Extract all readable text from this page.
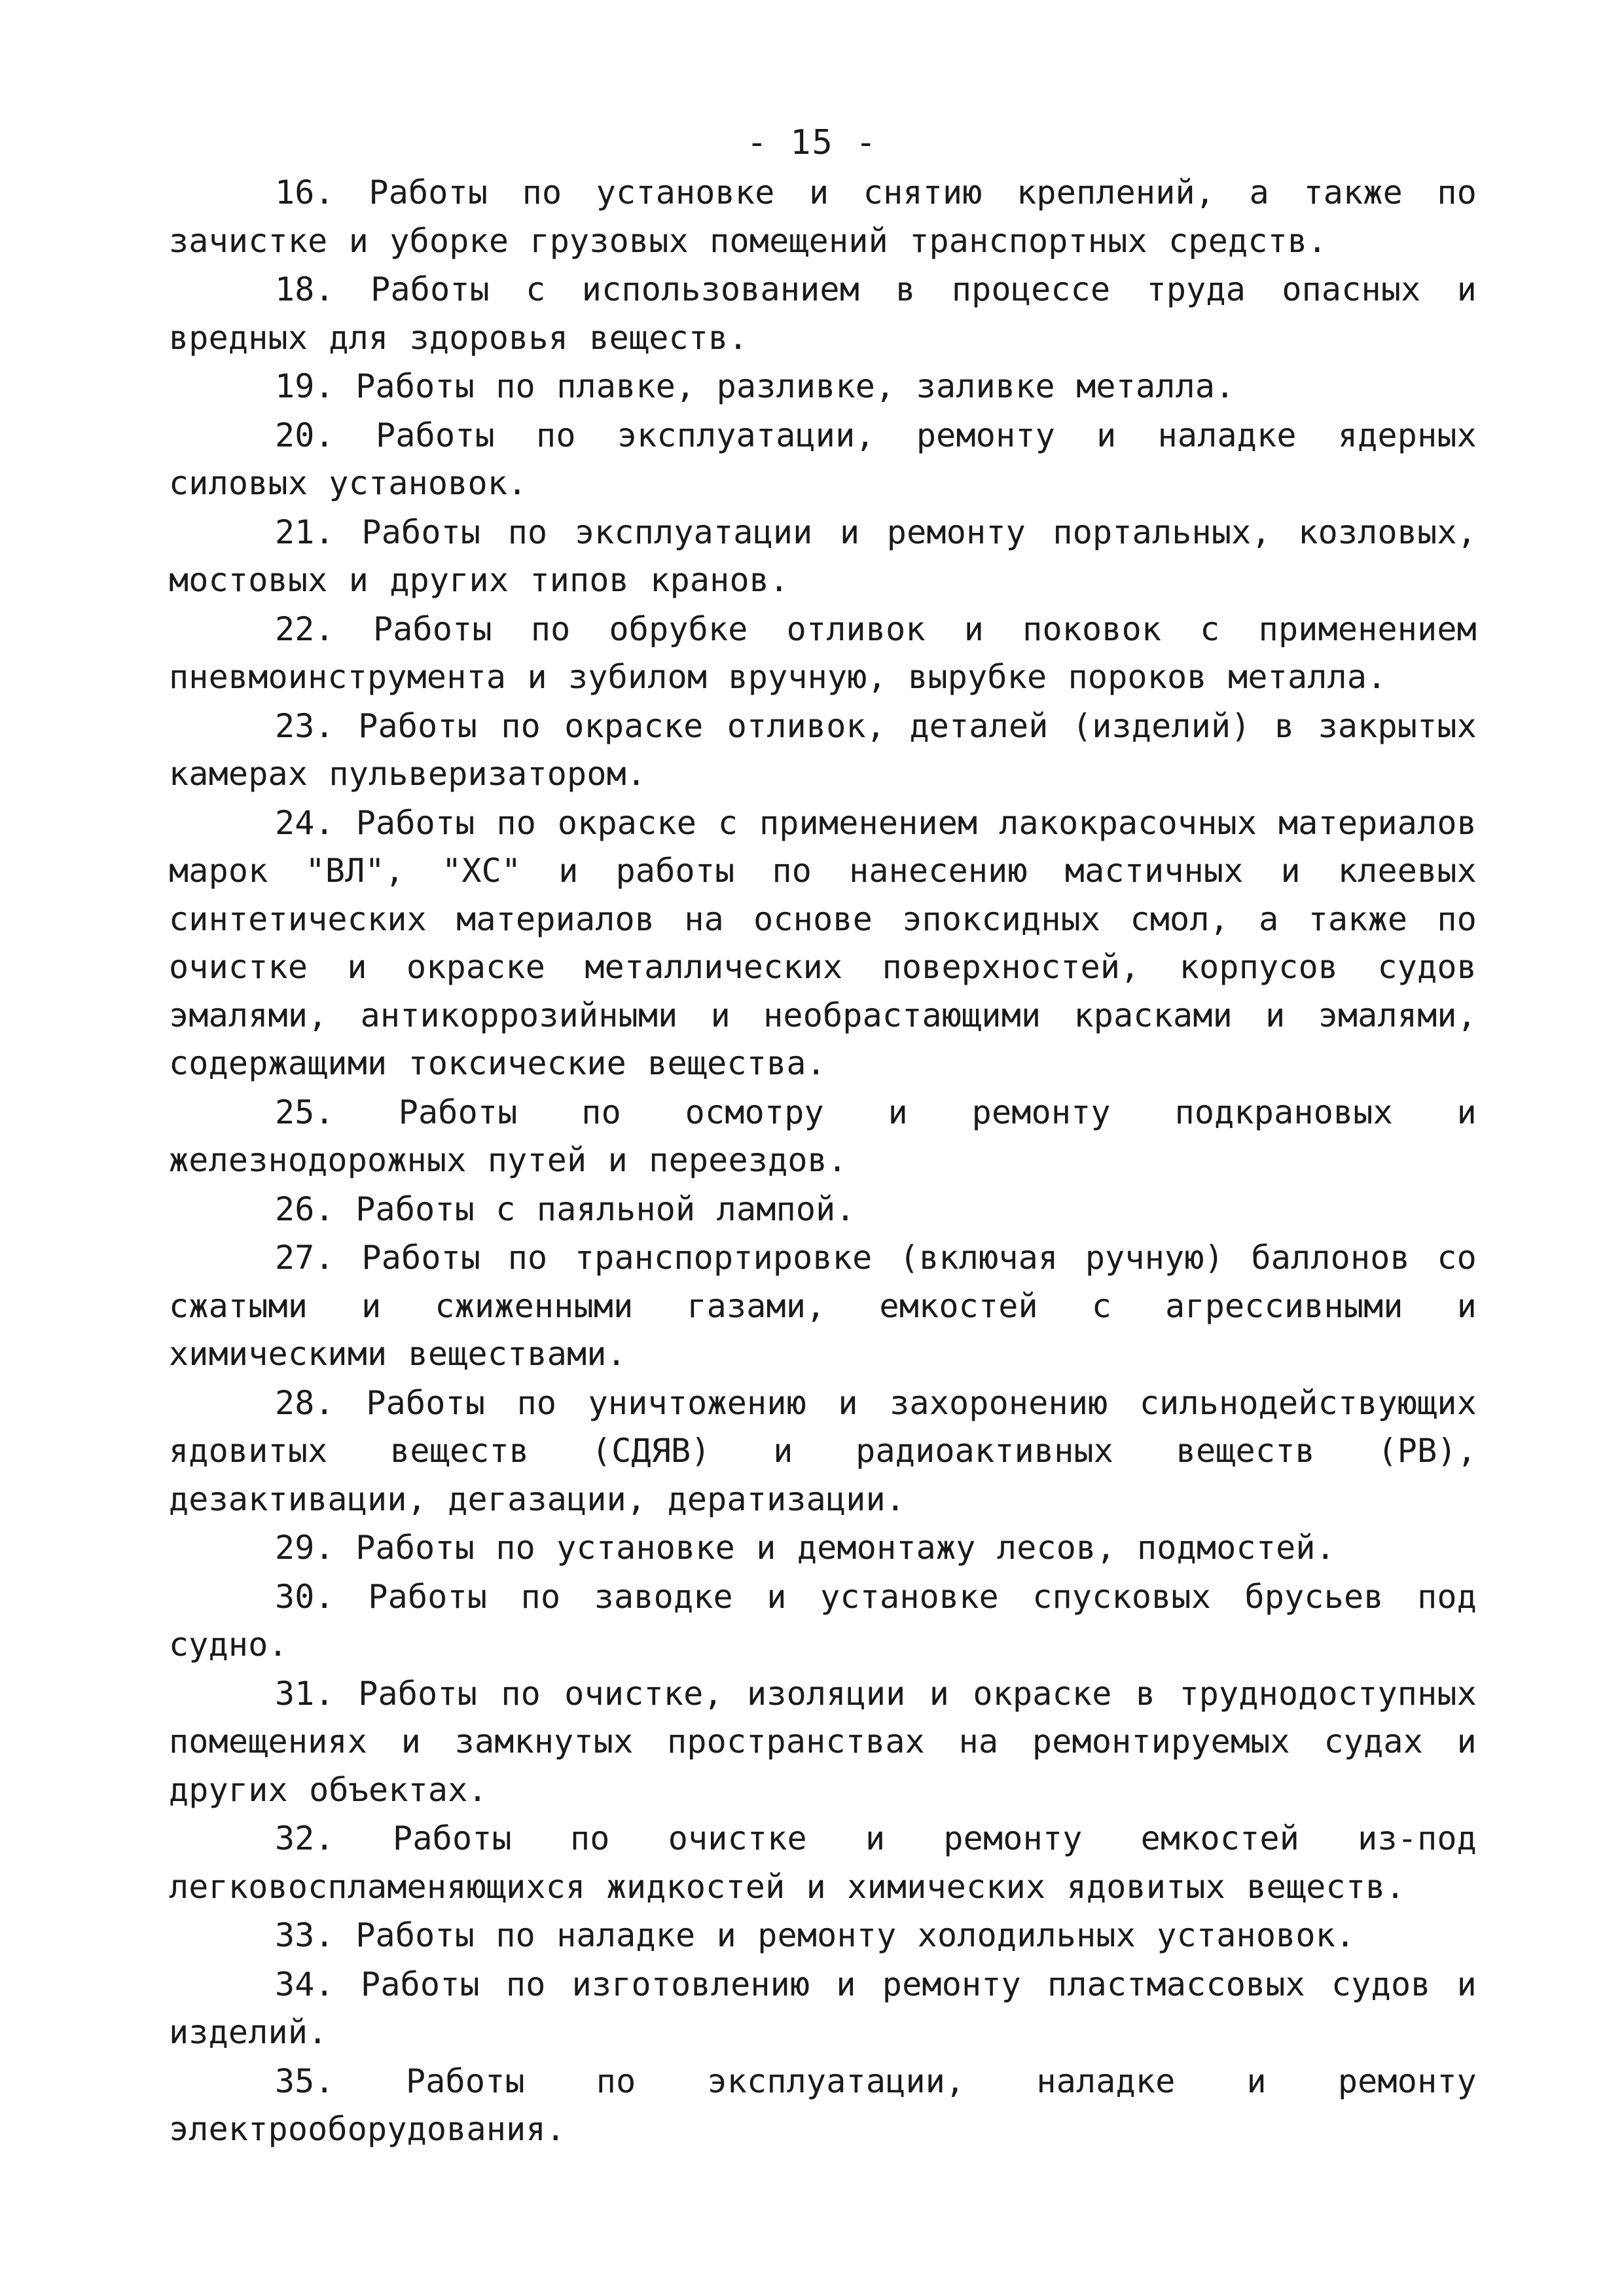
- 15 -

16. Работы по установке и снятию креплений, а также по зачистке и уборке грузовых помещений транспортных средств.

18. Работы с использованием в процессе труда опасных и вредных для здоровья веществ.

19. Работы по плавке, разливке, заливке металла.

20. Работы по эксплуатации, ремонту и наладке ядерных силовых установок.

21. Работы по эксплуатации и ремонту портальных, козловых, мостовых и других типов кранов.

22. Работы по обрубке отливок и поковок с применением пневмоинструмента и зубилом вручную, вырубке пороков металла.

23. Работы по окраске отливок, деталей (изделий) в закрытых камерах пульверизатором.

24. Работы по окраске с применением лакокрасочных материалов марок "ВЛ", "ХС" и работы по нанесению мастичных и клеевых синтетических материалов на основе эпоксидных смол, а также по очистке и окраске металлических поверхностей, корпусов судов эмалями, антикоррозийными и необрастающими красками и эмалями, содержащими токсические вещества.

25. Работы по осмотру и ремонту подкрановых и железнодорожных путей и переездов.

26. Работы с паяльной лампой.

27. Работы по транспортировке (включая ручную) баллонов со сжатыми и сжиженными газами, емкостей с агрессивными и химическими веществами.

28. Работы по уничтожению и захоронению сильнодействующих ядовитых веществ (СДЯВ) и радиоактивных веществ (РВ), дезактивации, дегазации, дератизации.

29. Работы по установке и демонтажу лесов, подмостей.

30. Работы по заводке и установке спусковых брусьев под судно.

31. Работы по очистке, изоляции и окраске в труднодоступных помещениях и замкнутых пространствах на ремонтируемых судах и других объектах.

32. Работы по очистке и ремонту емкостей из-под легковоспламеняющихся жидкостей и химических ядовитых веществ.

33. Работы по наладке и ремонту холодильных установок.

34. Работы по изготовлению и ремонту пластмассовых судов и изделий.

35. Работы по эксплуатации, наладке и ремонту электрооборудования.
